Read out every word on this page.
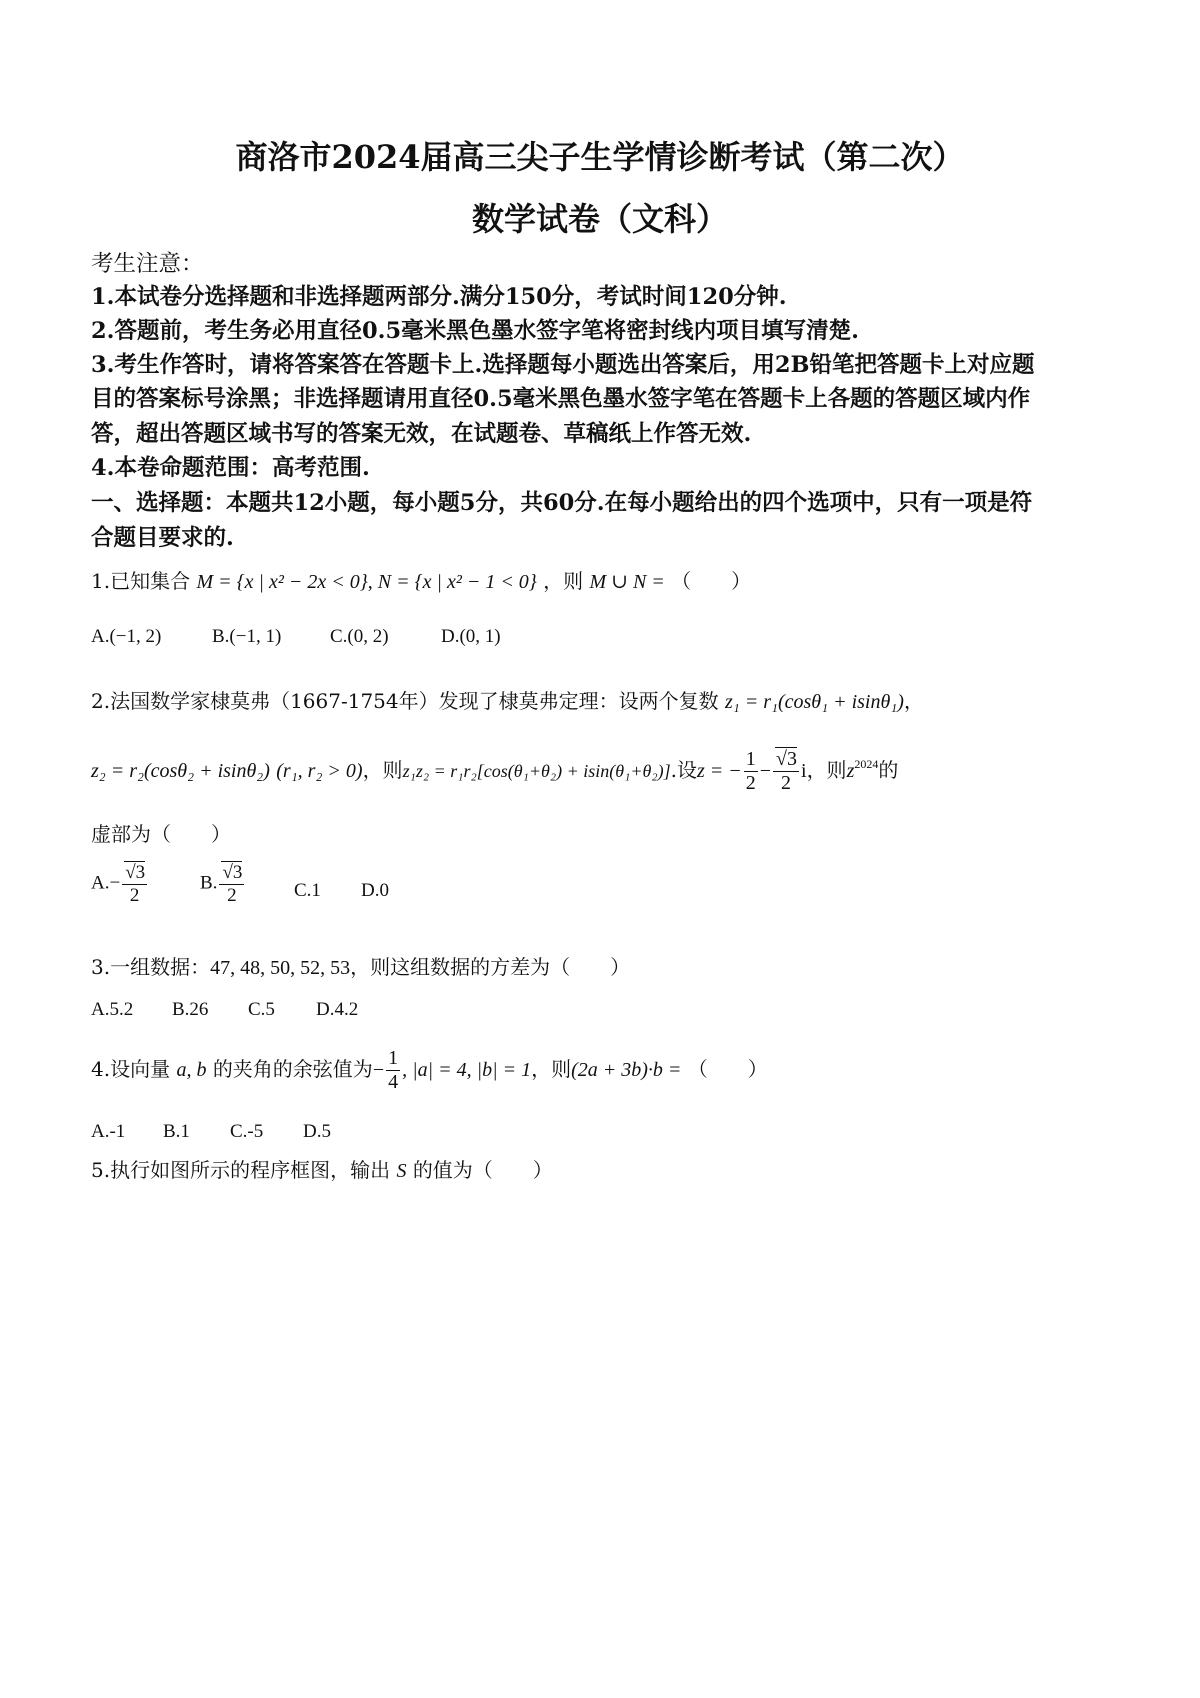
商洛市2024届高三尖子生学情诊断考试（第二次）
数学试卷（文科）
考生注意：
1.本试卷分选择题和非选择题两部分.满分150分，考试时间120分钟.
2.答题前，考生务必用直径0.5毫米黑色墨水签字笔将密封线内项目填写清楚.
3.考生作答时，请将答案答在答题卡上.选择题每小题选出答案后，用2B铅笔把答题卡上对应题
目的答案标号涂黑；非选择题请用直径0.5毫米黑色墨水签字笔在答题卡上各题的答题区域内作
答，超出答题区域书写的答案无效，在试题卷、草稿纸上作答无效.
4.本卷命题范围：高考范围.
一、选择题：本题共12小题，每小题5分，共60分.在每小题给出的四个选项中，只有一项是符
合题目要求的.
1.已知集合 M = {x | x² − 2x < 0}, N = {x | x² − 1 < 0} ，则 M ∪ N = （　　）
A.(−1, 2)	B.(−1, 1)	C.(0, 2)	D.(0, 1)
2.法国数学家棣莫弗（1667-1754年）发现了棣莫弗定理：设两个复数 z₁ = r₁(cosθ₁ + isinθ₁)，
z₂ = r₂(cosθ₂ + isinθ₂) (r₁, r₂ > 0)，则z₁z₂ = r₁r₂[cos(θ₁+θ₂) + isin(θ₁+θ₂)].设z = − $\frac{1}{2} - \frac{√3}{2}$ i，则$z^{2024}$的
虚部为（　　）
$A.- \frac{√3}{2}$	B. $\frac{√3}{2}$	C.1 D.0
3.一组数据：47, 48, 50, 52, 53，则这组数据的方差为（　　）
A.5.2 B.26 C.5 D.4.2
4.设向量 a, b 的夹角的余弦值为− $\frac{1}{4}$ , |a| = 4, |b| = 1，则(2a + 3b)·b = （　　）
A.-1 B.1 C.-5 D.5
5.执行如图所示的程序框图，输出 S 的值为（　　）
